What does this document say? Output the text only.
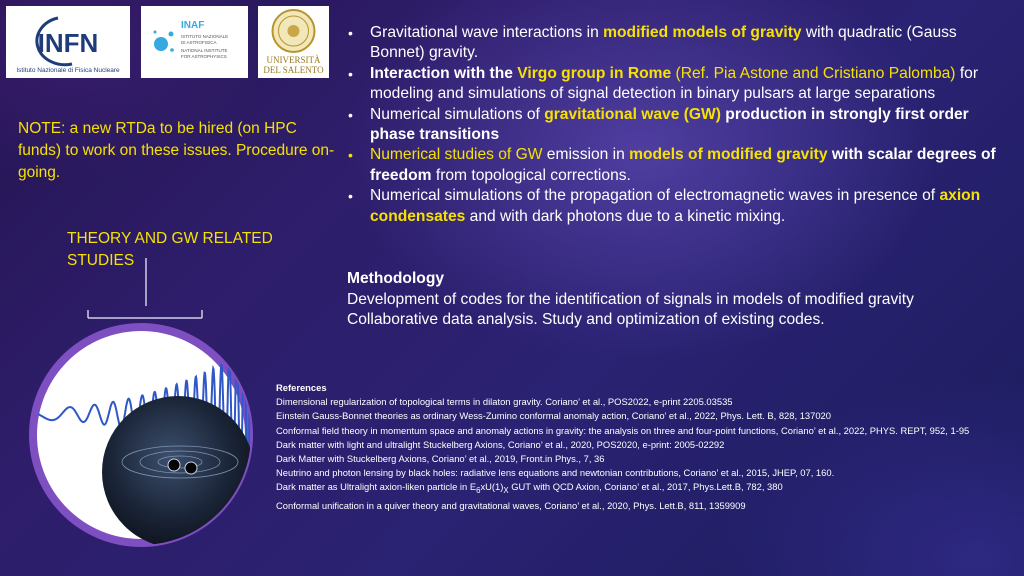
INFN
Istituto Nazionale di Fisica Nucleare
INAF
ISTITUTO NAZIONALE
DI ASTROFISICA
NATIONAL INSTITUTE
FOR ASTROPHYSICS	UNIVERSITÀ
DEL SALENTO
NOTE: a new RTDa to be hired (on HPC funds) to work on these issues. Procedure on-going.
THEORY AND GW RELATED STUDIES
• Gravitational wave interactions in modified models of gravity with quadratic (Gauss Bonnet) gravity.
• Interaction with the Virgo group in Rome (Ref. Pia Astone and Cristiano Palomba) for modeling and simulations of signal detection in binary pulsars at large separations
• Numerical simulations of gravitational wave (GW) production in strongly first order phase transitions
• Numerical studies of GW emission in models of modified gravity with scalar degrees of freedom from topological corrections.
• Numerical simulations of the propagation of electromagnetic waves in presence of axion condensates and with dark photons due to a kinetic mixing.
Methodology
Development of codes for the identification of signals in models of modified gravity
Collaborative data analysis. Study and optimization of existing codes.
References
Dimensional regularization of topological terms in dilaton gravity. Coriano’ et al., POS2022, e-print 2205.03535
Einstein Gauss-Bonnet theories as ordinary Wess-Zumino conformal anomaly action, Coriano’ et al., 2022, Phys. Lett. B, 828, 137020
Conformal field theory in momentum space and anomaly actions in gravity: the analysis on three and four-point functions, Coriano’ et al., 2022, PHYS. REPT, 952, 1-95
Dark matter with light and ultralight Stuckelberg Axions, Coriano’ et al., 2020, POS2020, e-print: 2005-02292
Dark Matter with Stuckelberg Axions, Coriano’ et al., 2019, Front.in Phys., 7, 36
Neutrino and photon lensing by black holes: radiative lens equations and newtonian contributions, Coriano’ et al., 2015, JHEP, 07, 160.
Dark matter as Ultralight axion-liken particle in $E_6xU(1)_X$ GUT with QCD Axion, Coriano’ et al., 2017, Phys.Lett.B, 782, 380
Conformal unification in a quiver theory and gravitational waves, Coriano’ et al., 2020, Phys. Lett.B, 811, 1359909
